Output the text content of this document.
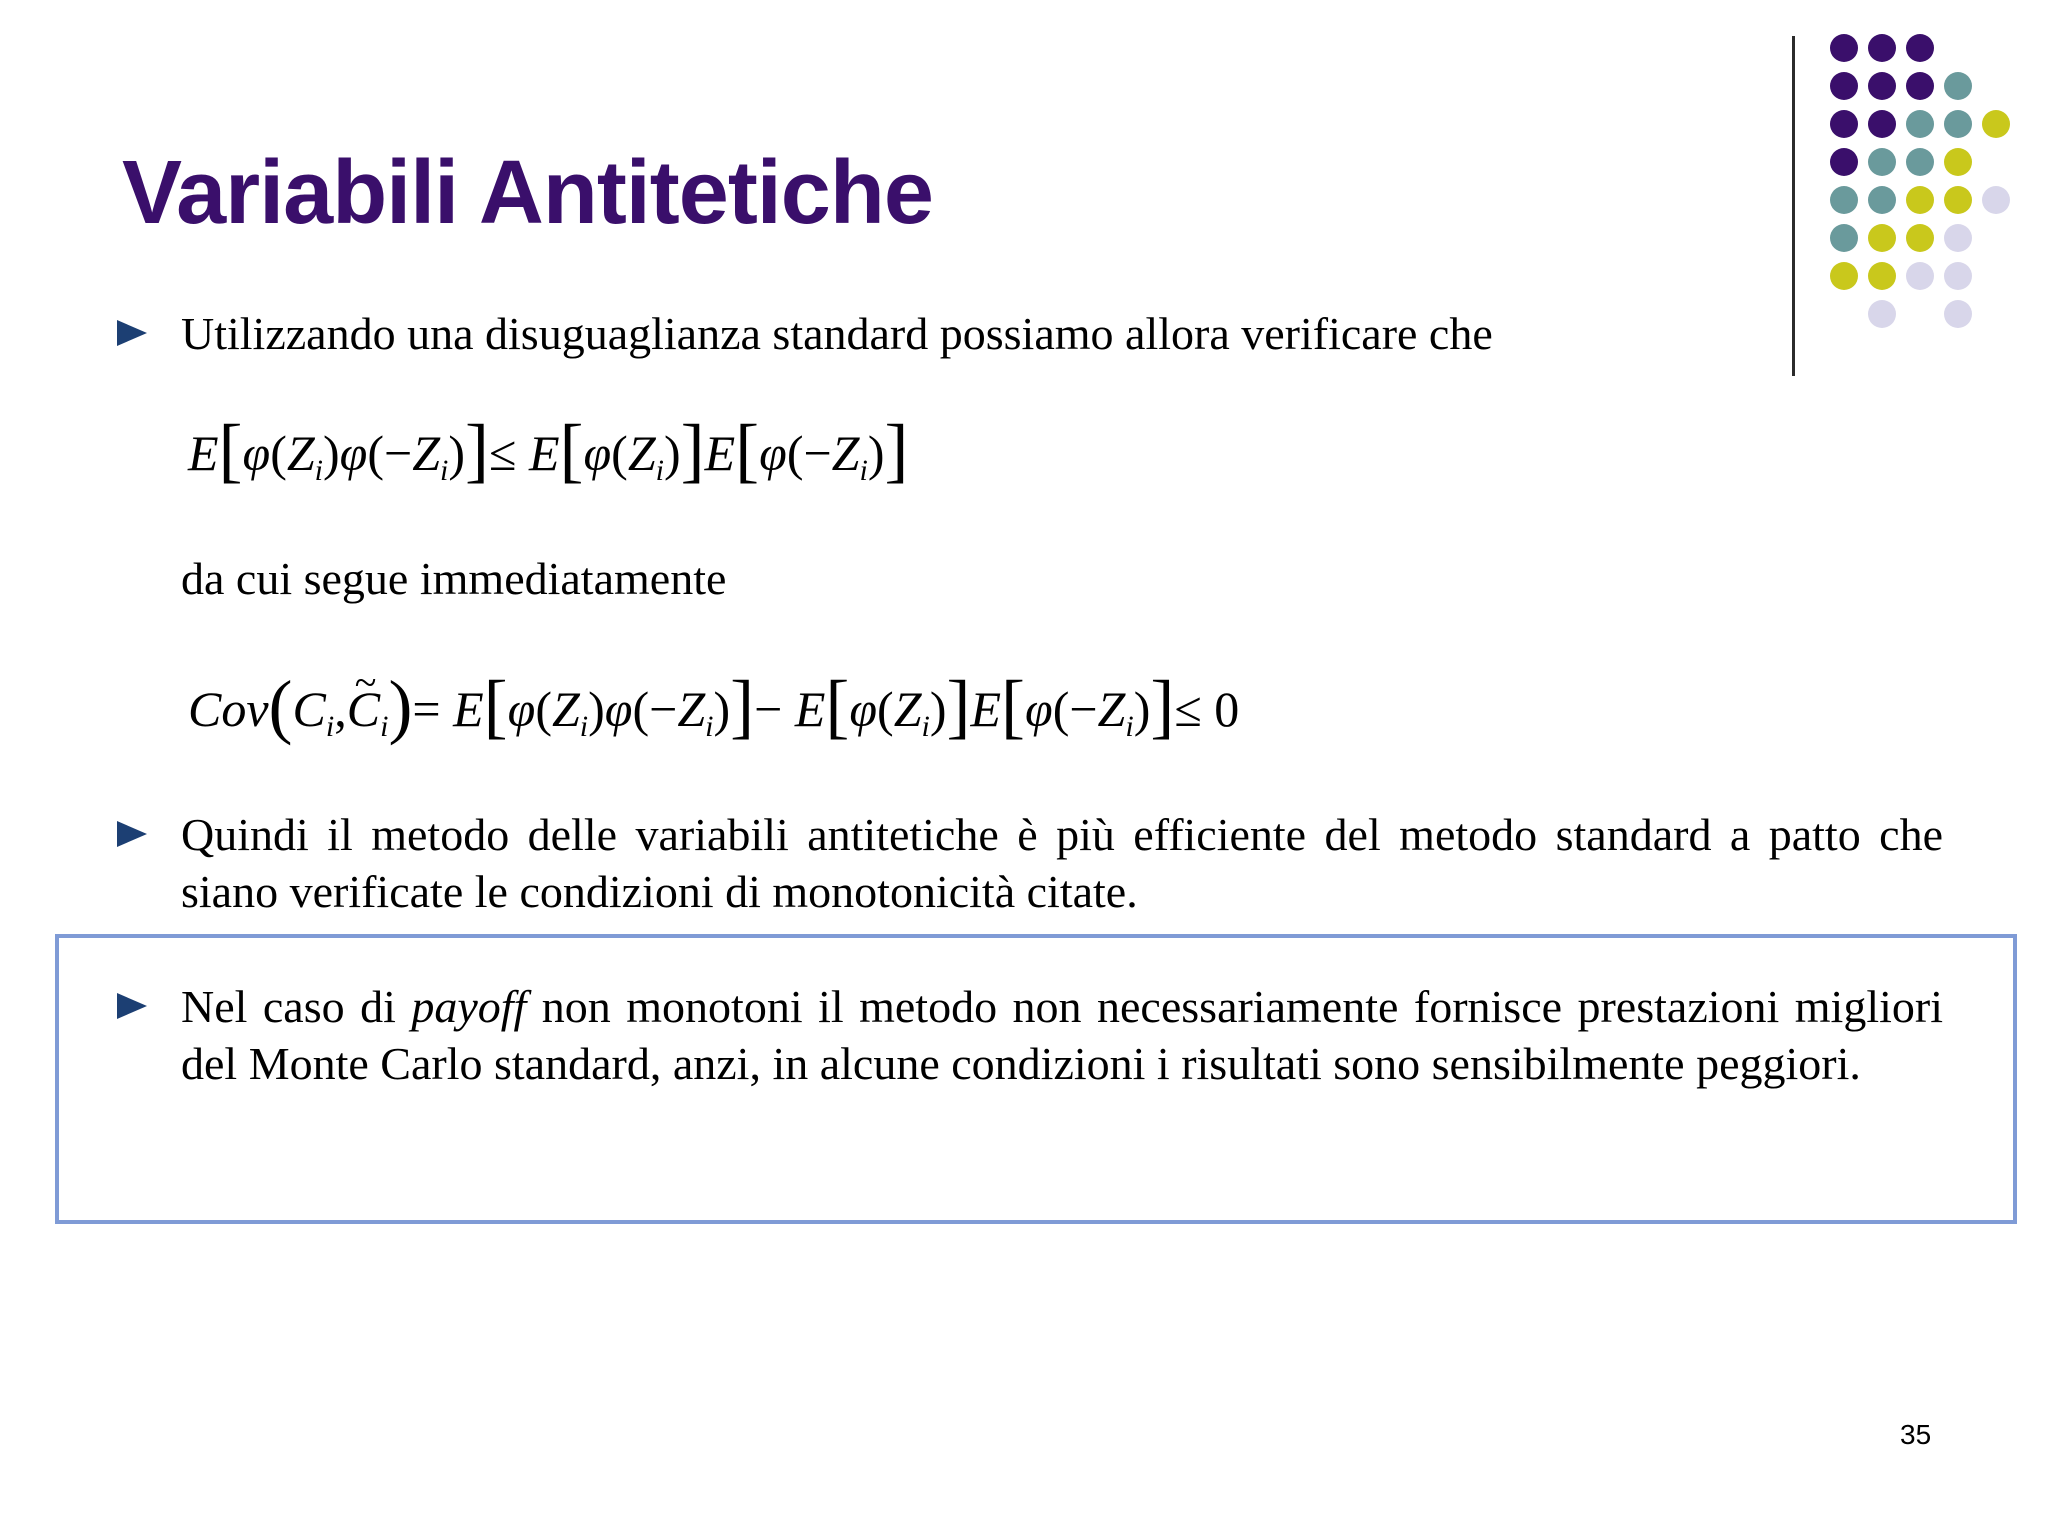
Variabili Antitetiche

Utilizzando una disuguaglianza standard possiamo allora verificare che

$E[\varphi(Z_i)\varphi(-Z_i)]\le E[\varphi(Z_i)]E[\varphi(-Z_i)]$

da cui segue immediatamente

$Cov(C_i,\sim$ $C_i)= E[\varphi(Z_i)\varphi(-Z_i)]- E[\varphi(Z_i)]E[\varphi(-Z_i)]\le 0$

Quindi il metodo delle variabili antitetiche è più efficiente del metodo standard a patto che siano verificate le condizioni di monotonicità citate.

Nel caso di payoff non monotoni il metodo non necessariamente fornisce prestazioni migliori del Monte Carlo standard, anzi, in alcune condizioni i risultati sono sensibilmente peggiori.

35
